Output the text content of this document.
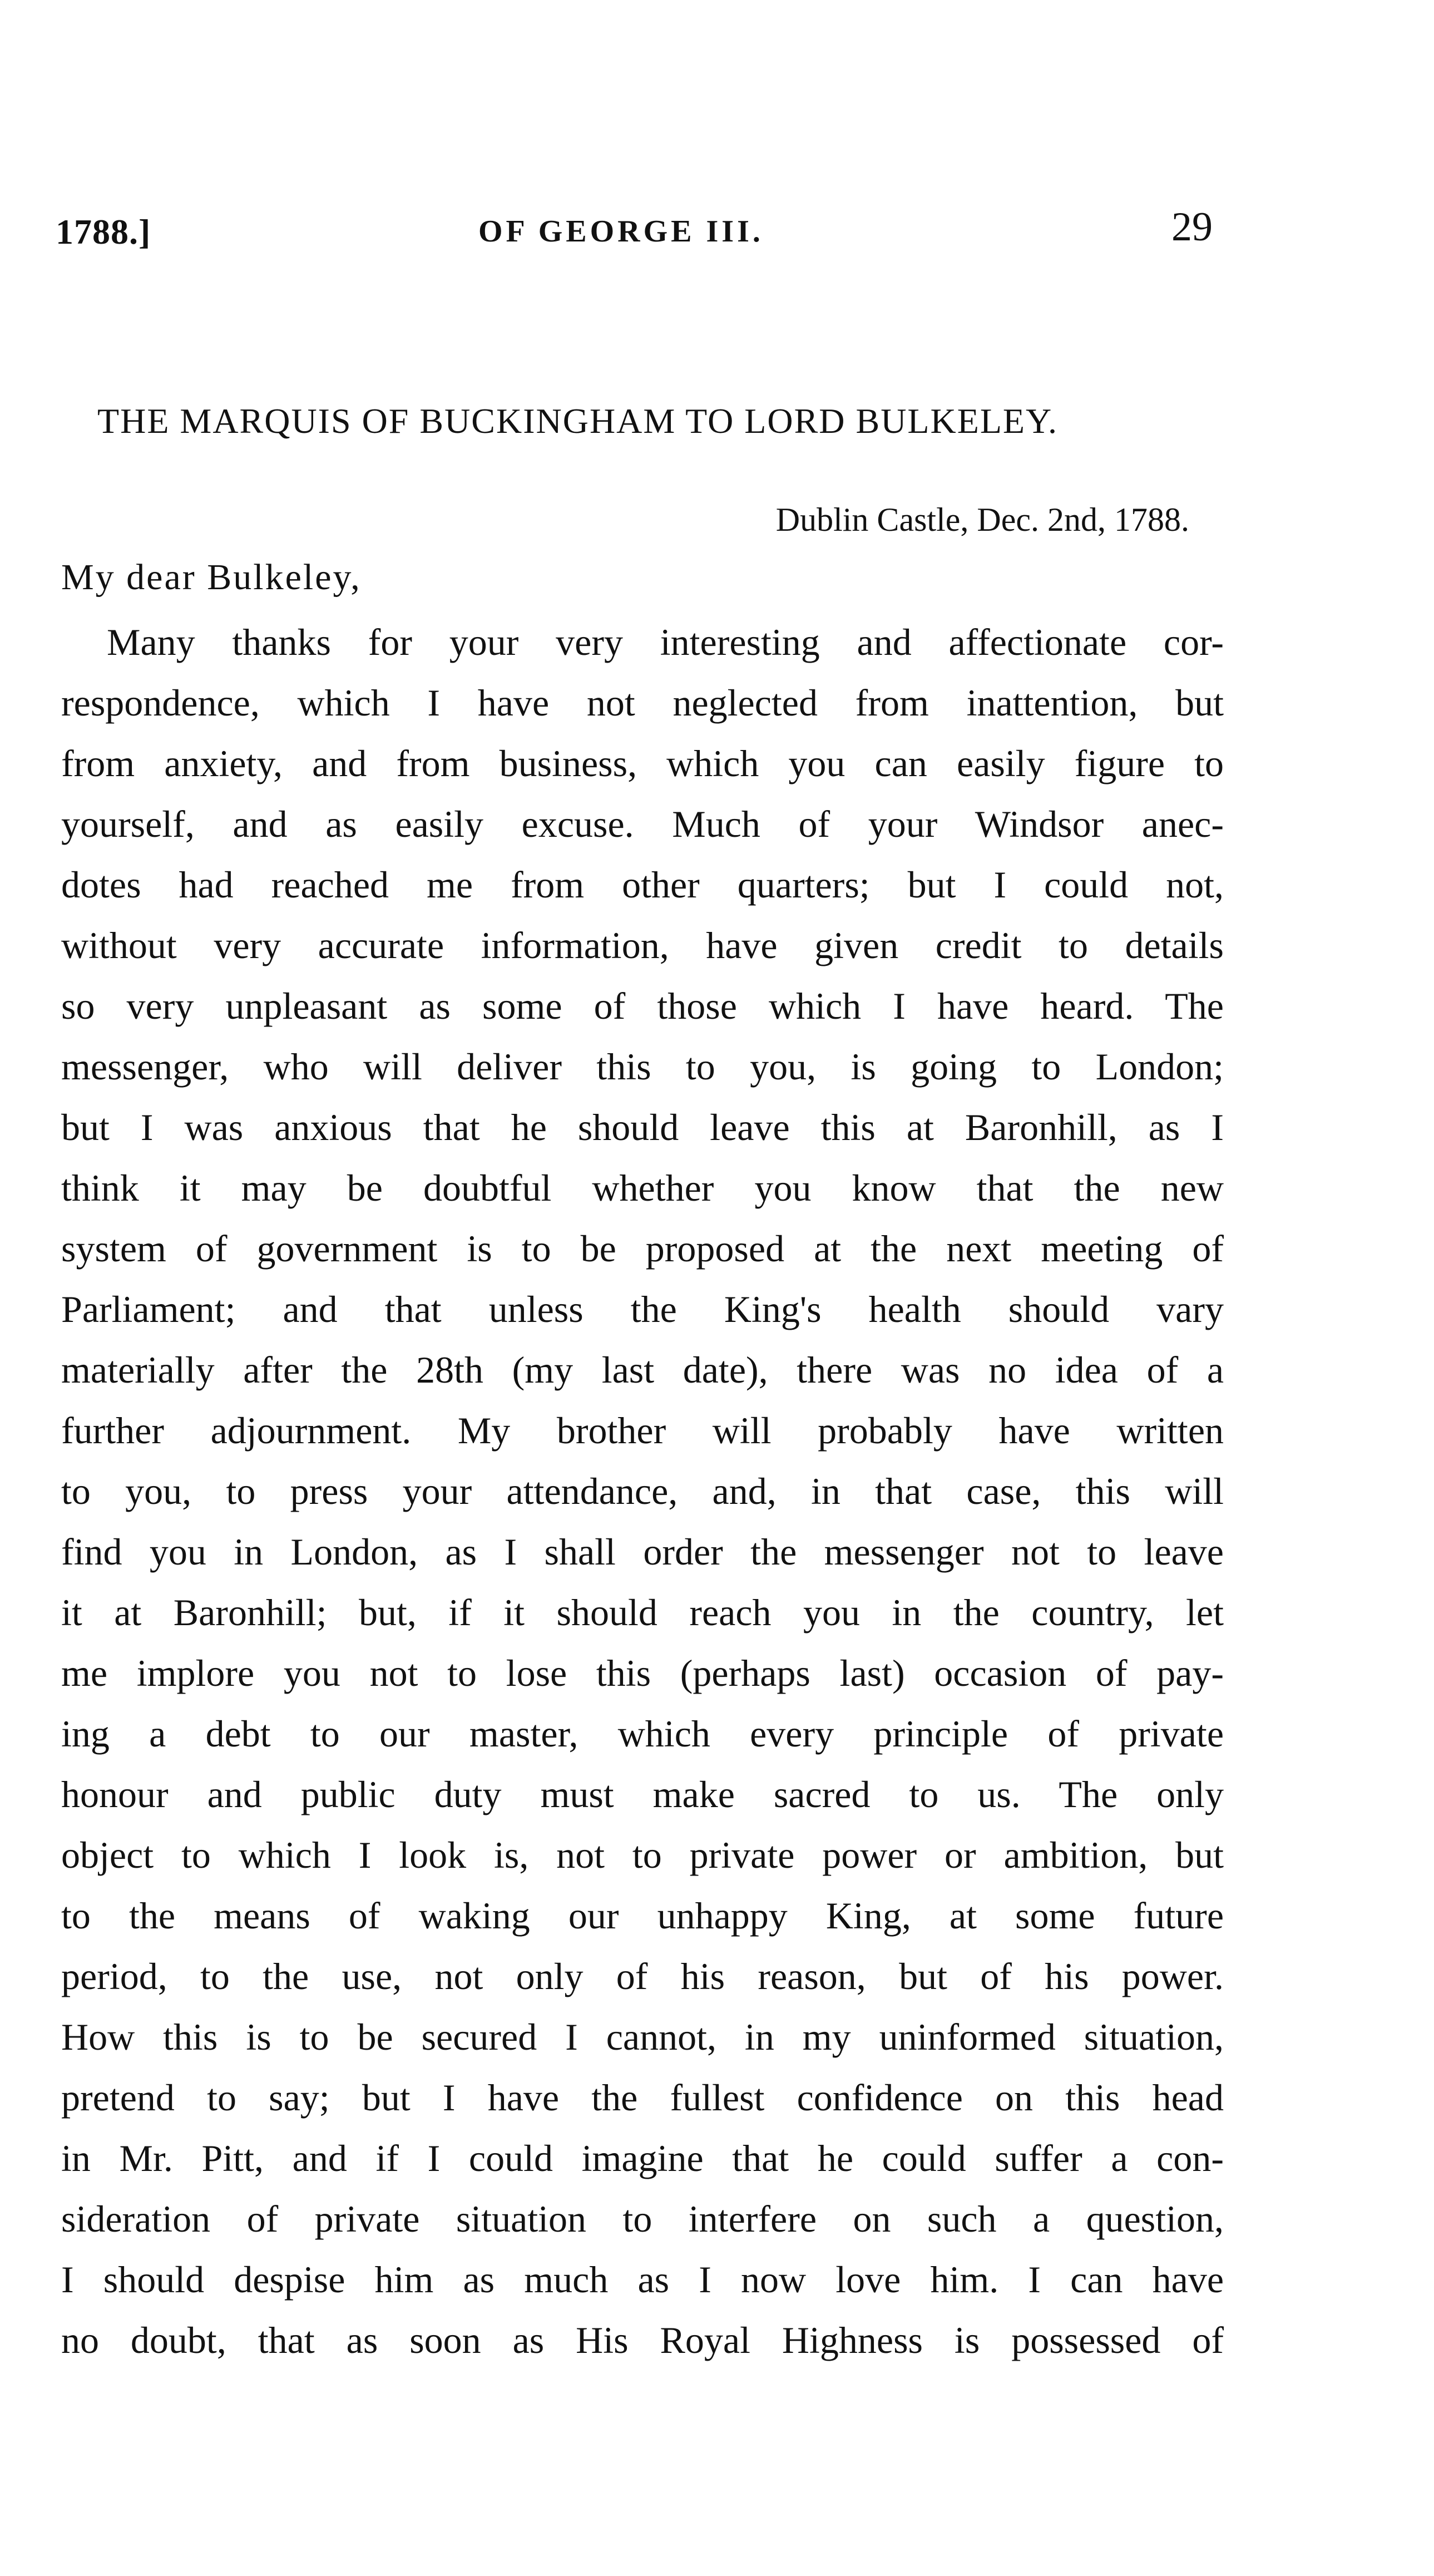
1788.]	OF GEORGE III.	29
THE MARQUIS OF BUCKINGHAM TO LORD BULKELEY.
Dublin Castle, Dec. 2nd, 1788.
My dear Bulkeley,
Many thanks for your very interesting and affectionate cor-
respondence, which I have not neglected from inattention, but
from anxiety, and from business, which you can easily figure to
yourself, and as easily excuse. Much of your Windsor anec-
dotes had reached me from other quarters; but I could not,
without very accurate information, have given credit to details
so very unpleasant as some of those which I have heard. The
messenger, who will deliver this to you, is going to London;
but I was anxious that he should leave this at Baronhill, as I
think it may be doubtful whether you know that the new
system of government is to be proposed at the next meeting of
Parliament; and that unless the King's health should vary
materially after the 28th (my last date), there was no idea of a
further adjournment. My brother will probably have written
to you, to press your attendance, and, in that case, this will
find you in London, as I shall order the messenger not to leave
it at Baronhill; but, if it should reach you in the country, let
me implore you not to lose this (perhaps last) occasion of pay-
ing a debt to our master, which every principle of private
honour and public duty must make sacred to us. The only
object to which I look is, not to private power or ambition, but
to the means of waking our unhappy King, at some future
period, to the use, not only of his reason, but of his power.
How this is to be secured I cannot, in my uninformed situation,
pretend to say; but I have the fullest confidence on this head
in Mr. Pitt, and if I could imagine that he could suffer a con-
sideration of private situation to interfere on such a question,
I should despise him as much as I now love him. I can have
no doubt, that as soon as His Royal Highness is possessed of
